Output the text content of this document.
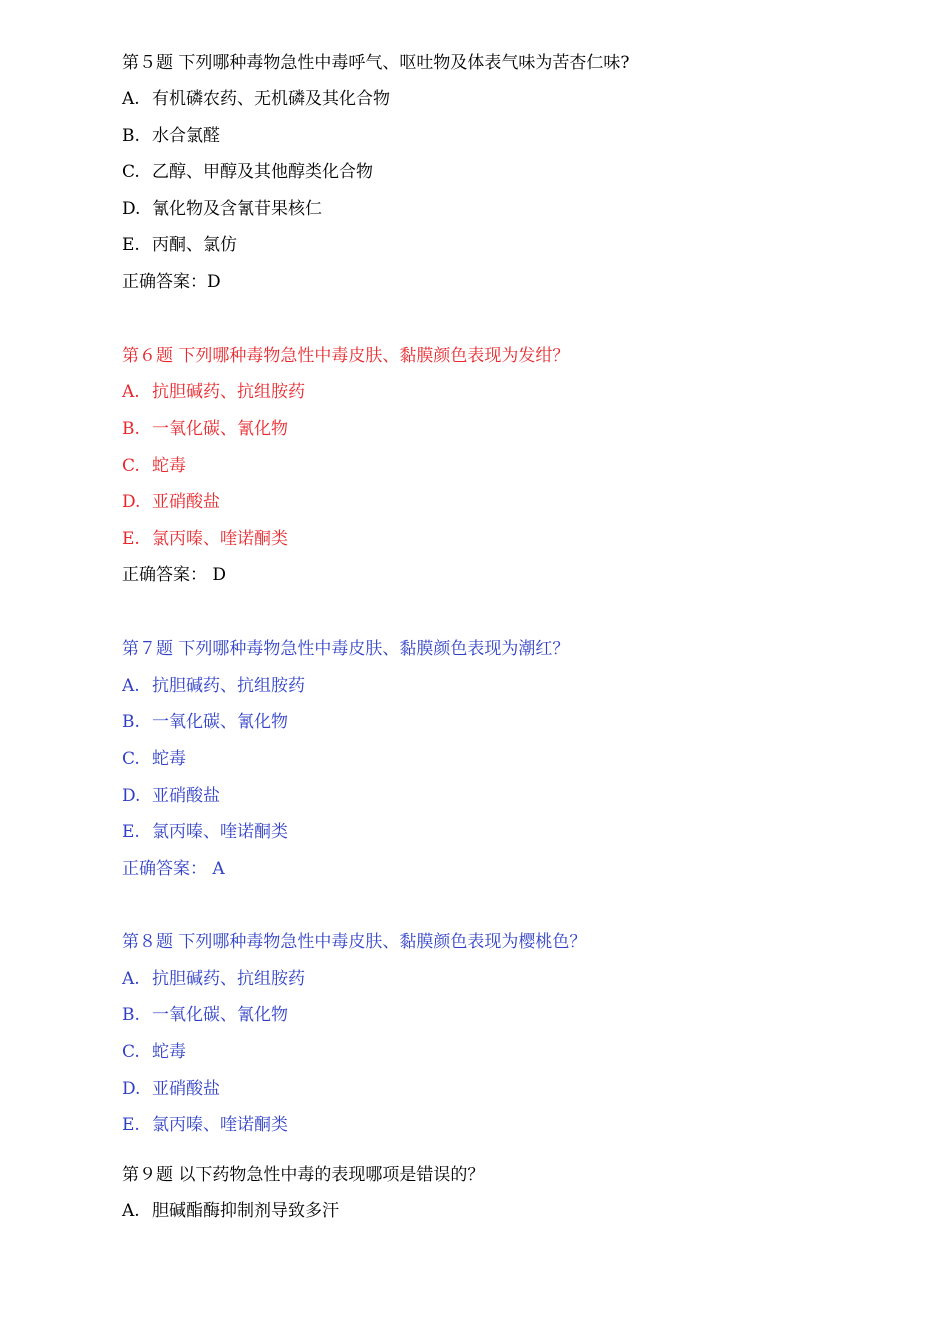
第５题 下列哪种毒物急性中毒呼气、呕吐物及体表气味为苦杏仁味?
A. 有机磷农药、无机磷及其化合物
B. 水合氯醛
C. 乙醇、甲醇及其他醇类化合物
D. 氰化物及含氰苷果核仁
E. 丙酮、氯仿
正确答案：D
第６题 下列哪种毒物急性中毒皮肤、黏膜颜色表现为发绀？
A. 抗胆碱药、抗组胺药
B. 一氧化碳、氰化物
C. 蛇毒
D. 亚硝酸盐
E. 氯丙嗪、喹诺酮类
正确答案： D
第７题 下列哪种毒物急性中毒皮肤、黏膜颜色表现为潮红？
A. 抗胆碱药、抗组胺药
B. 一氧化碳、氰化物
C. 蛇毒
D. 亚硝酸盐
E. 氯丙嗪、喹诺酮类
正确答案： A
第８题 下列哪种毒物急性中毒皮肤、黏膜颜色表现为樱桃色？
A. 抗胆碱药、抗组胺药
B. 一氧化碳、氰化物
C. 蛇毒
D. 亚硝酸盐
E. 氯丙嗪、喹诺酮类
第９题 以下药物急性中毒的表现哪项是错误的？
A. 胆碱酯酶抑制剂导致多汗
